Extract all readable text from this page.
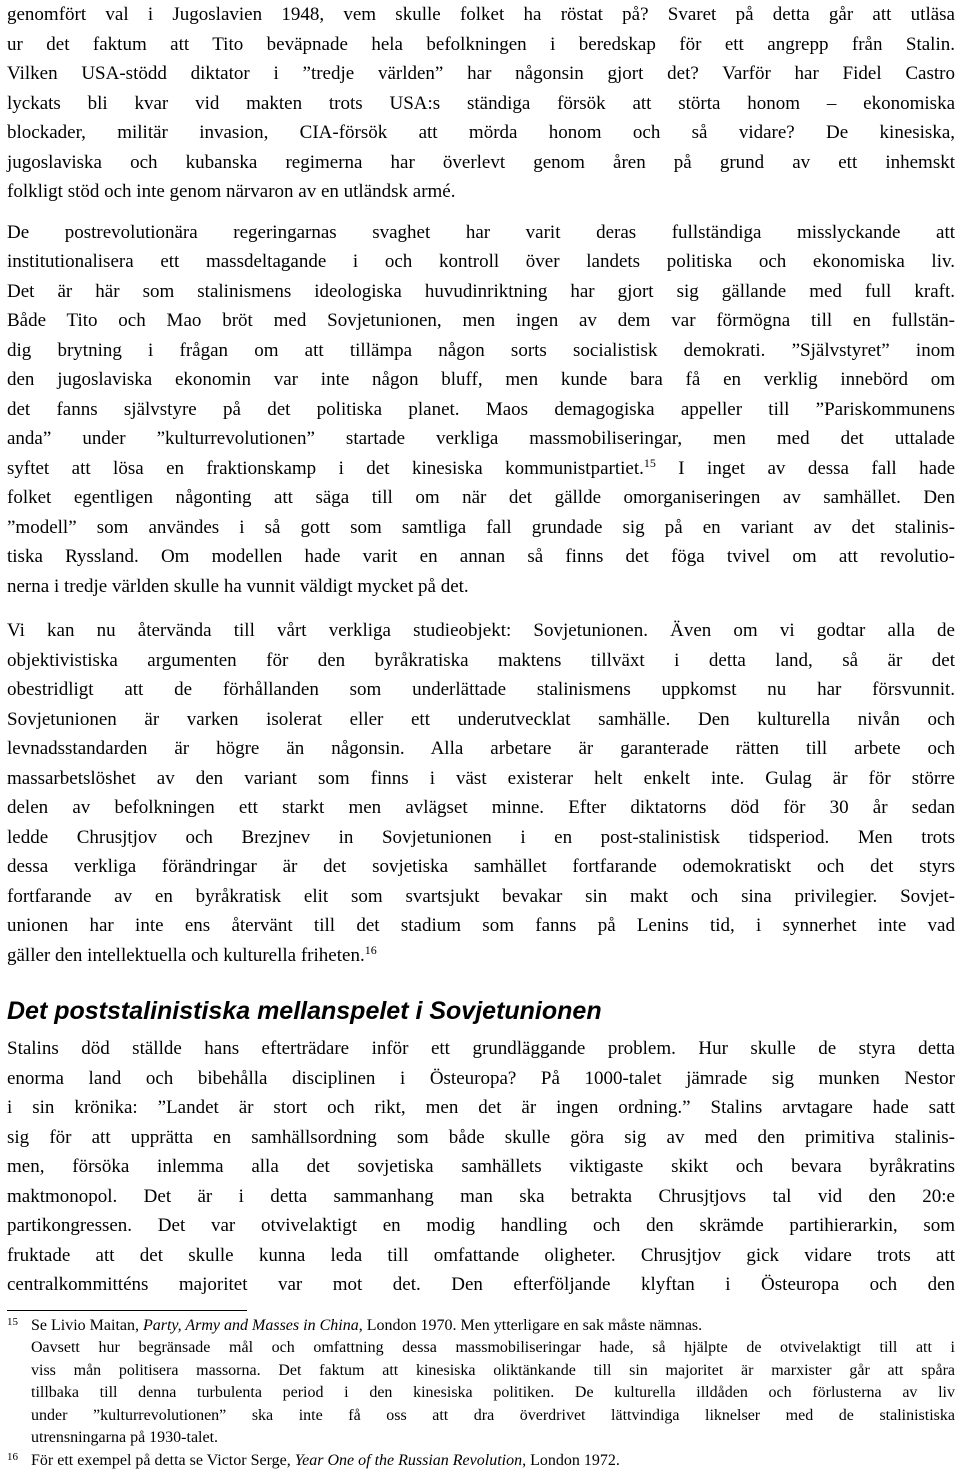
genomfört val i Jugoslavien 1948, vem skulle folket ha röstat på? Svaret på detta går att utläsa
ur det faktum att Tito beväpnade hela befolkningen i beredskap för ett angrepp från Stalin.
Vilken USA-stödd diktator i ”tredje världen” har någonsin gjort det? Varför har Fidel Castro
lyckats bli kvar vid makten trots USA:s ständiga försök att störta honom – ekonomiska
blockader, militär invasion, CIA-försök att mörda honom och så vidare? De kinesiska,
jugoslaviska och kubanska regimerna har överlevt genom åren på grund av ett inhemskt
folkligt stöd och inte genom närvaron av en utländsk armé.
De postrevolutionära regeringarnas svaghet har varit deras fullständiga misslyckande att
institutionalisera ett massdeltagande i och kontroll över landets politiska och ekonomiska liv.
Det är här som stalinismens ideologiska huvudinriktning har gjort sig gällande med full kraft.
Både Tito och Mao bröt med Sovjetunionen, men ingen av dem var förmögna till en fullstän-
dig brytning i frågan om att tillämpa någon sorts socialistisk demokrati. ”Självstyret” inom
den jugoslaviska ekonomin var inte någon bluff, men kunde bara få en verklig innebörd om
det fanns självstyre på det politiska planet. Maos demagogiska appeller till ”Pariskommunens
anda” under ”kulturrevolutionen” startade verkliga massmobiliseringar, men med det uttalade
syftet att lösa en fraktionskamp i det kinesiska kommunistpartiet.$^{15}$ I inget av dessa fall hade
folket egentligen någonting att säga till om när det gällde omorganiseringen av samhället. Den
”modell” som användes i så gott som samtliga fall grundade sig på en variant av det stalinis-
tiska Ryssland. Om modellen hade varit en annan så finns det föga tvivel om att revolutio-
nerna i tredje världen skulle ha vunnit väldigt mycket på det.
Vi kan nu återvända till vårt verkliga studieobjekt: Sovjetunionen. Även om vi godtar alla de
objektivistiska argumenten för den byråkratiska maktens tillväxt i detta land, så är det
obestridligt att de förhållanden som underlättade stalinismens uppkomst nu har försvunnit.
Sovjetunionen är varken isolerat eller ett underutvecklat samhälle. Den kulturella nivån och
levnadsstandarden är högre än någonsin. Alla arbetare är garanterade rätten till arbete och
massarbetslöshet av den variant som finns i väst existerar helt enkelt inte. Gulag är för större
delen av befolkningen ett starkt men avlägset minne. Efter diktatorns död för 30 år sedan
ledde Chrusjtjov och Brezjnev in Sovjetunionen i en post-stalinistisk tidsperiod. Men trots
dessa verkliga förändringar är det sovjetiska samhället fortfarande odemokratiskt och det styrs
fortfarande av en byråkratisk elit som svartsjukt bevakar sin makt och sina privilegier. Sovjet-
unionen har inte ens återvänt till det stadium som fanns på Lenins tid, i synnerhet inte vad
gäller den intellektuella och kulturella friheten.$^{16}$
Det poststalinistiska mellanspelet i Sovjetunionen
Stalins död ställde hans efterträdare inför ett grundläggande problem. Hur skulle de styra detta
enorma land och bibehålla disciplinen i Östeuropa? På 1000-talet jämrade sig munken Nestor
i sin krönika: ”Landet är stort och rikt, men det är ingen ordning.” Stalins arvtagare hade satt
sig för att upprätta en samhällsordning som både skulle göra sig av med den primitiva stalinis-
men, försöka inlemma alla det sovjetiska samhällets viktigaste skikt och bevara byråkratins
maktmonopol. Det är i detta sammanhang man ska betrakta Chrusjtjovs tal vid den 20:e
partikongressen. Det var otvivelaktigt en modig handling och den skrämde partihierarkin, som
fruktade att det skulle kunna leda till omfattande oligheter. Chrusjtjov gick vidare trots att
centralkommitténs majoritet var mot det. Den efterföljande klyftan i Östeuropa och den
15 Se Livio Maitan, Party, Army and Masses in China, London 1970. Men ytterligare en sak måste nämnas.
Oavsett hur begränsade mål och omfattning dessa massmobiliseringar hade, så hjälpte de otvivelaktigt till att i
viss mån politisera massorna. Det faktum att kinesiska oliktänkande till sin majoritet är marxister går att spåra
tillbaka till denna turbulenta period i den kinesiska politiken. De kulturella illdåden och förlusterna av liv
under ”kulturrevolutionen” ska inte få oss att dra överdrivet lättvindiga liknelser med de stalinistiska
utrensningarna på 1930-talet.
16 För ett exempel på detta se Victor Serge, Year One of the Russian Revolution, London 1972.
